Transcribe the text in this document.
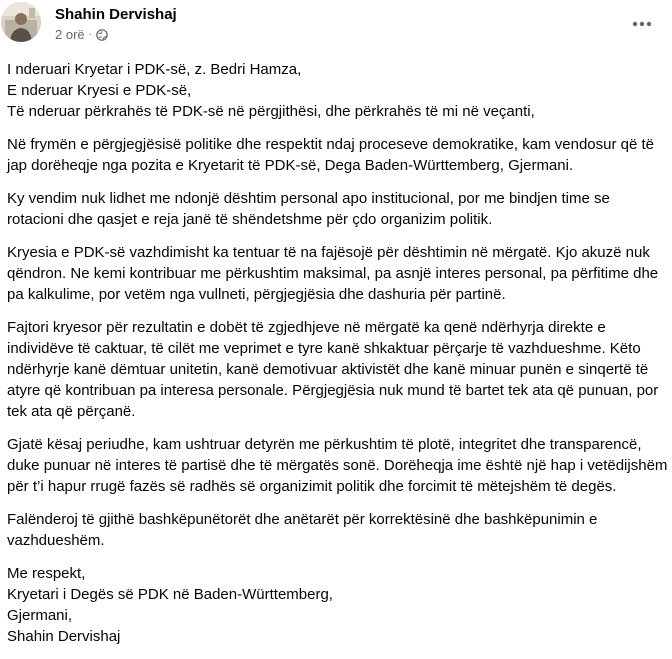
Shahin Dervishaj
2 orë ·

I nderuari Kryetar i PDK-së, z. Bedri Hamza,
E nderuar Kryesi e PDK-së,
Të nderuar përkrahës të PDK-së në përgjithësi, dhe përkrahës të mi në veçanti,

Në frymën e përgjegjësisë politike dhe respektit ndaj proceseve demokratike, kam vendosur që të
jap dorëheqje nga pozita e Kryetarit të PDK-së, Dega Baden-Württemberg, Gjermani.

Ky vendim nuk lidhet me ndonjë dështim personal apo institucional, por me bindjen time se
rotacioni dhe qasjet e reja janë të shëndetshme për çdo organizim politik.

Kryesia e PDK-së vazhdimisht ka tentuar të na fajësojë për dështimin në mërgatë. Kjo akuzë nuk
qëndron. Ne kemi kontribuar me përkushtim maksimal, pa asnjë interes personal, pa përfitime dhe
pa kalkulime, por vetëm nga vullneti, përgjegjësia dhe dashuria për partinë.

Fajtori kryesor për rezultatin e dobët të zgjedhjeve në mërgatë ka qenë ndërhyrja direkte e
individëve të caktuar, të cilët me veprimet e tyre kanë shkaktuar përçarje të vazhdueshme. Këto
ndërhyrje kanë dëmtuar unitetin, kanë demotivuar aktivistët dhe kanë minuar punën e sinqertë të
atyre që kontribuan pa interesa personale. Përgjegjësia nuk mund të bartet tek ata që punuan, por
tek ata që përçanë.

Gjatë kësaj periudhe, kam ushtruar detyrën me përkushtim të plotë, integritet dhe transparencë,
duke punuar në interes të partisë dhe të mërgatës sonë. Dorëheqja ime është një hap i vetëdijshëm
për t’i hapur rrugë fazës së radhës së organizimit politik dhe forcimit të mëtejshëm të degës.

Falënderoj të gjithë bashkëpunëtorët dhe anëtarët për korrektësinë dhe bashkëpunimin e
vazhdueshëm.

Me respekt,
Kryetari i Degës së PDK në Baden-Württemberg,
Gjermani,
Shahin Dervishaj
